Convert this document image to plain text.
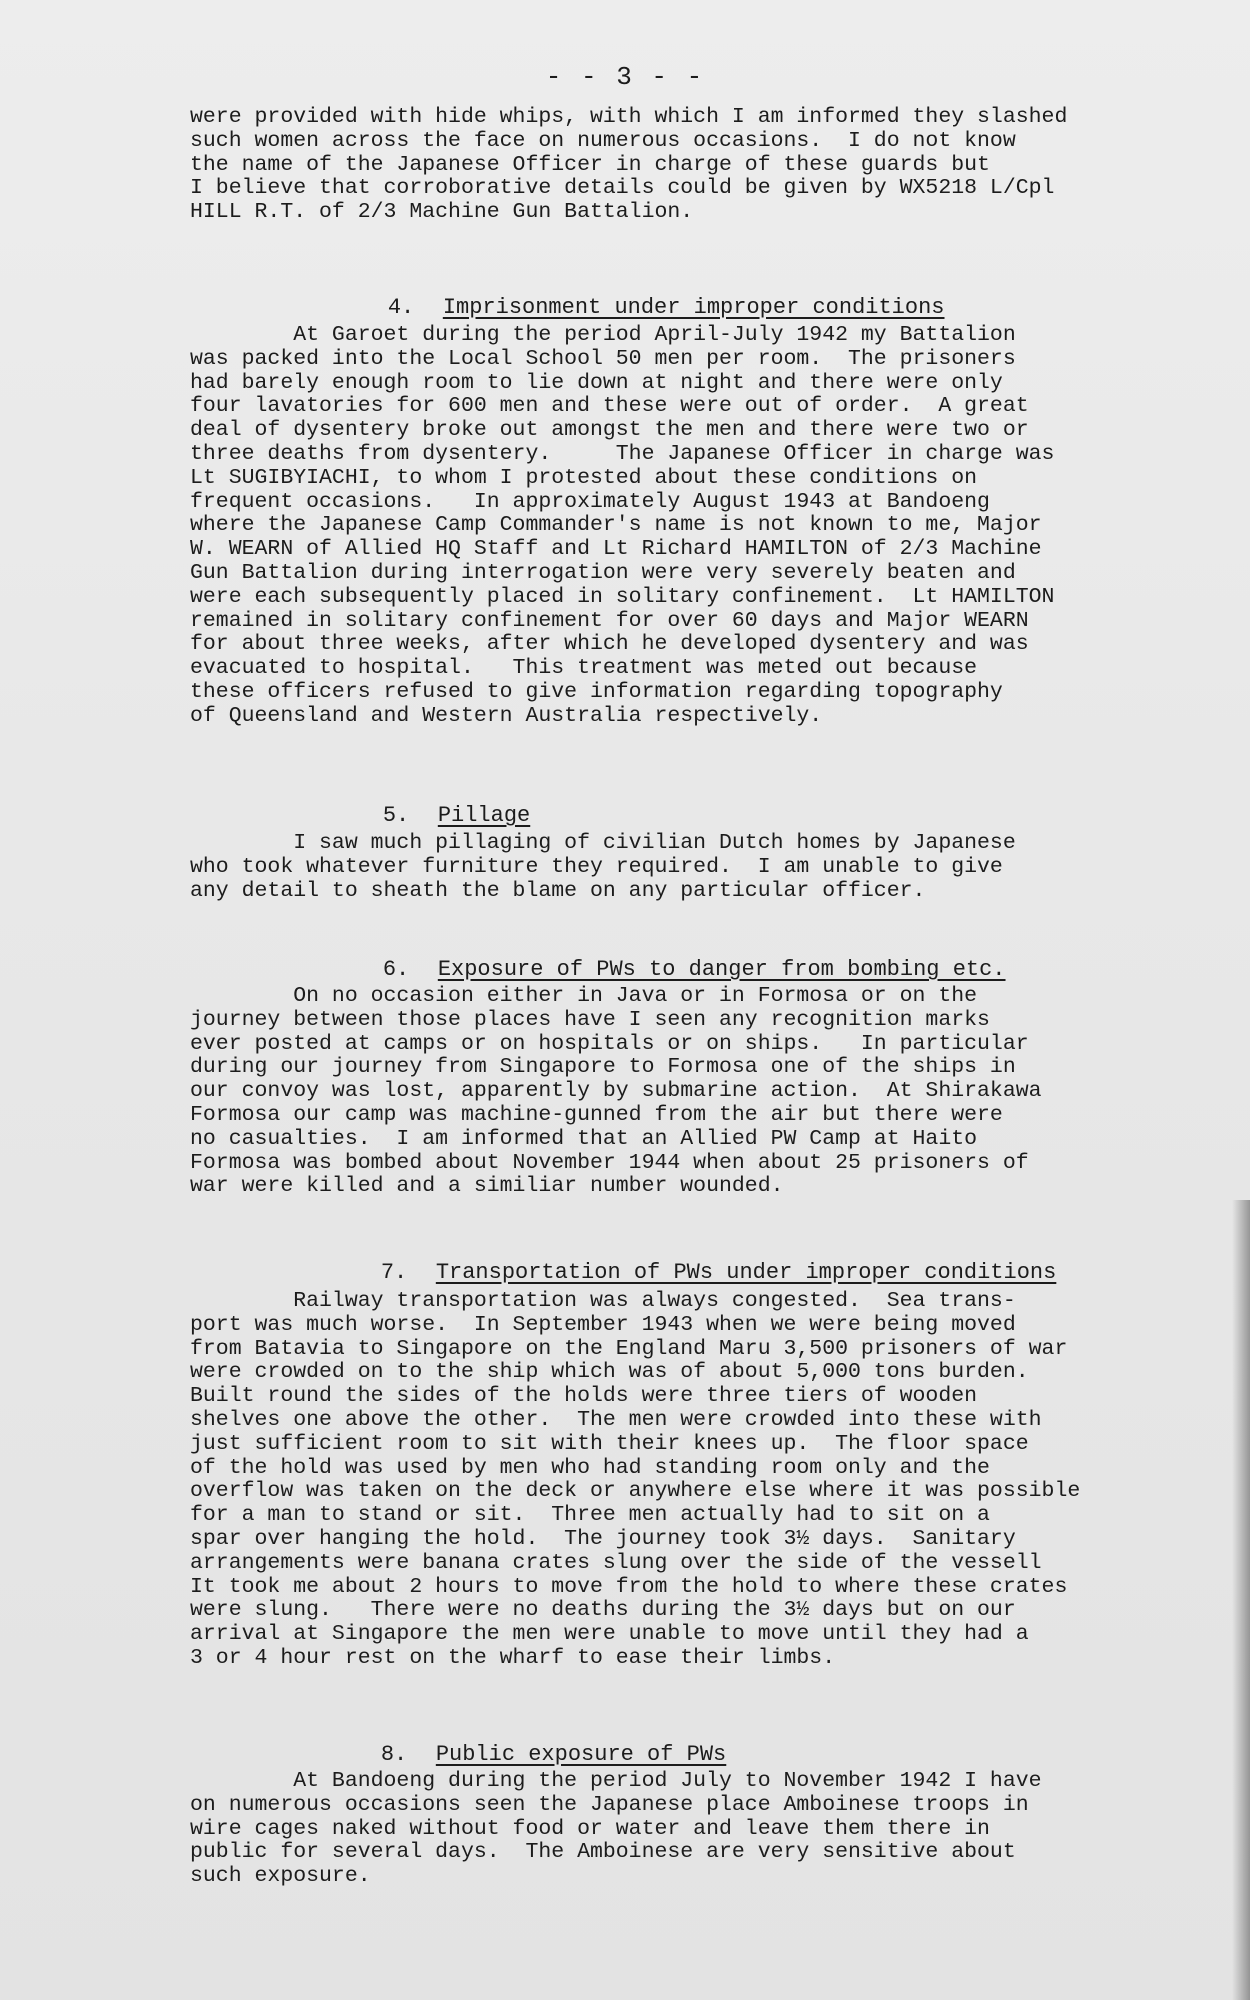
- - 3 - -
were provided with hide whips, with which I am informed they slashed
such women across the face on numerous occasions.  I do not know
the name of the Japanese Officer in charge of these guards but
I believe that corroborative details could be given by WX5218 L/Cpl
HILL R.T. of 2/3 Machine Gun Battalion.

4. Imprisonment under improper conditions

At Garoet during the period April-July 1942 my Battalion
was packed into the Local School 50 men per room.  The prisoners
had barely enough room to lie down at night and there were only
four lavatories for 600 men and these were out of order.  A great
deal of dysentery broke out amongst the men and there were two or
three deaths from dysentery.     The Japanese Officer in charge was
Lt SUGIBYIACHI, to whom I protested about these conditions on
frequent occasions.   In approximately August 1943 at Bandoeng
where the Japanese Camp Commander's name is not known to me, Major
W. WEARN of Allied HQ Staff and Lt Richard HAMILTON of 2/3 Machine
Gun Battalion during interrogation were very severely beaten and
were each subsequently placed in solitary confinement.  Lt HAMILTON
remained in solitary confinement for over 60 days and Major WEARN
for about three weeks, after which he developed dysentery and was
evacuated to hospital.   This treatment was meted out because
these officers refused to give information regarding topography
of Queensland and Western Australia respectively.

5. Pillage

I saw much pillaging of civilian Dutch homes by Japanese
who took whatever furniture they required.  I am unable to give
any detail to sheath the blame on any particular officer.

6. Exposure of PWs to danger from bombing etc.

On no occasion either in Java or in Formosa or on the
journey between those places have I seen any recognition marks
ever posted at camps or on hospitals or on ships.   In particular
during our journey from Singapore to Formosa one of the ships in
our convoy was lost, apparently by submarine action.  At Shirakawa
Formosa our camp was machine-gunned from the air but there were
no casualties.  I am informed that an Allied PW Camp at Haito
Formosa was bombed about November 1944 when about 25 prisoners of
war were killed and a similiar number wounded.

7. Transportation of PWs under improper conditions

Railway transportation was always congested.  Sea trans-
port was much worse.  In September 1943 when we were being moved
from Batavia to Singapore on the England Maru 3,500 prisoners of war
were crowded on to the ship which was of about 5,000 tons burden.
Built round the sides of the holds were three tiers of wooden
shelves one above the other.  The men were crowded into these with
just sufficient room to sit with their knees up.  The floor space
of the hold was used by men who had standing room only and the
overflow was taken on the deck or anywhere else where it was possible
for a man to stand or sit.  Three men actually had to sit on a
spar over hanging the hold.  The journey took 3½ days.  Sanitary
arrangements were banana crates slung over the side of the vessell
It took me about 2 hours to move from the hold to where these crates
were slung.   There were no deaths during the 3½ days but on our
arrival at Singapore the men were unable to move until they had a
3 or 4 hour rest on the wharf to ease their limbs.

8. Public exposure of PWs

At Bandoeng during the period July to November 1942 I have
on numerous occasions seen the Japanese place Amboinese troops in
wire cages naked without food or water and leave them there in
public for several days.  The Amboinese are very sensitive about
such exposure.
